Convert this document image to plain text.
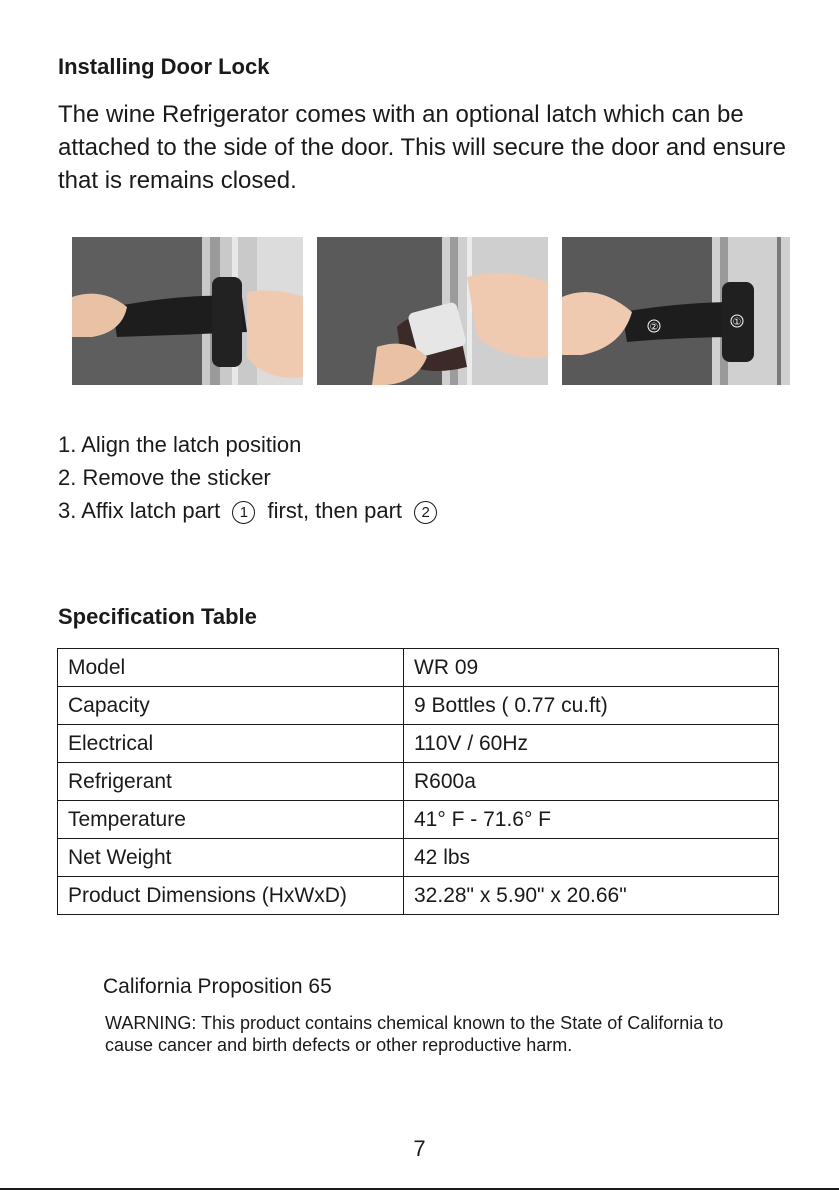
Installing Door Lock

The wine Refrigerator comes with an optional latch which can be attached to the side of the door. This will secure the door and ensure that is remains closed.

②	①
1. Align the latch position
2. Remove the sticker
3. Affix latch part 1 first, then part 2
Specification Table
Model	WR 09
Capacity	9 Bottles ( 0.77 cu.ft)
Electrical	110V / 60Hz
Refrigerant	R600a
Temperature	41° F - 71.6° F
Net Weight	42 lbs
Product Dimensions (HxWxD)	32.28" x 5.90" x 20.66"
California Proposition 65

WARNING: This product contains chemical known to the State of California to cause cancer and birth defects or other reproductive harm.

7
